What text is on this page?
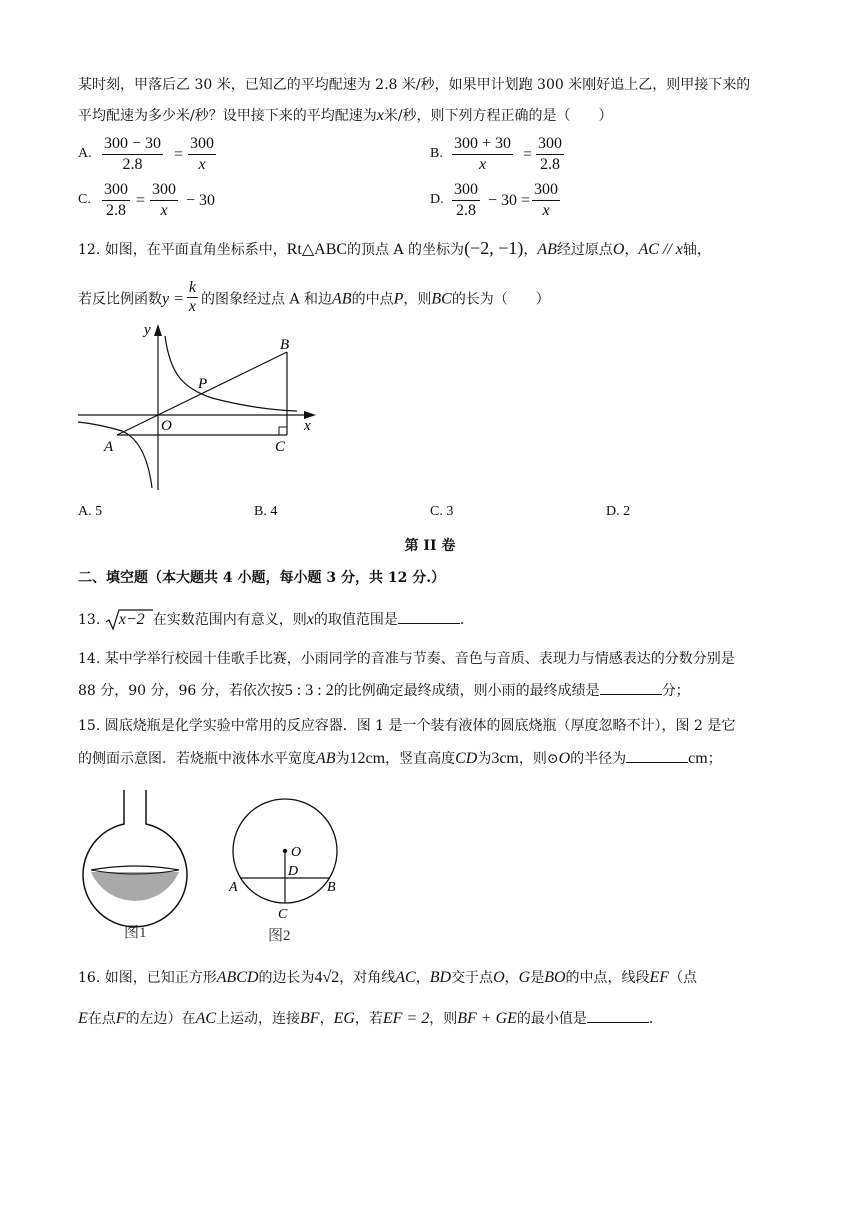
某时刻，甲落后乙 30 米，已知乙的平均配速为 2.8 米/秒，如果甲计划跑 300 米刚好追上乙，则甲接下来的
平均配速为多少米/秒？设甲接下来的平均配速为x米/秒，则下列方程正确的是（　　）
A. $\frac{300 - 30}{2.8} = \frac{300}{x}$	B. $\frac{300 + 30}{x} = \frac{300}{2.8}$
C. $\frac{300}{2.8} = \frac{300}{x} - 30$	D. $\frac{300}{2.8} - 30 = \frac{300}{x}$
12. 如图，在平面直角坐标系中，Rt△ABC的顶点 A 的坐标为(−2, −1)，AB经过原点O，AC // x轴，
若反比例函数$y = \frac{k}{x}$ 的图象经过点 A 和边AB的中点P，则BC的长为（　　）
y
x
O
A
B
C
P
A. 5	B. 4	C. 3	D. 2
第 II 卷
二、填空题（本大题共 4 小题，每小题 3 分，共 12 分.）
13. x−2 在实数范围内有意义，则x的取值范围是	.
14. 某中学举行校园十佳歌手比赛，小雨同学的音准与节奏、音色与音质、表现力与情感表达的分数分别是
88 分，90 分，96 分，若依次按5 : 3 : 2的比例确定最终成绩，则小雨的最终成绩是	分；
15. 圆底烧瓶是化学实验中常用的反应容器．图 1 是一个装有液体的圆底烧瓶（厚度忽略不计），图 2 是它
的侧面示意图．若烧瓶中液体水平宽度AB为12cm，竖直高度CD为3cm，则⊙O的半径为	cm；
图1
O
D
A	B
C
图2
16. 如图，已知正方形ABCD的边长为4√2，对角线AC，BD交于点O，G是BO的中点，线段EF（点
E在点F的左边）在AC上运动，连接BF，EG，若EF = 2，则BF + GE的最小值是	.
